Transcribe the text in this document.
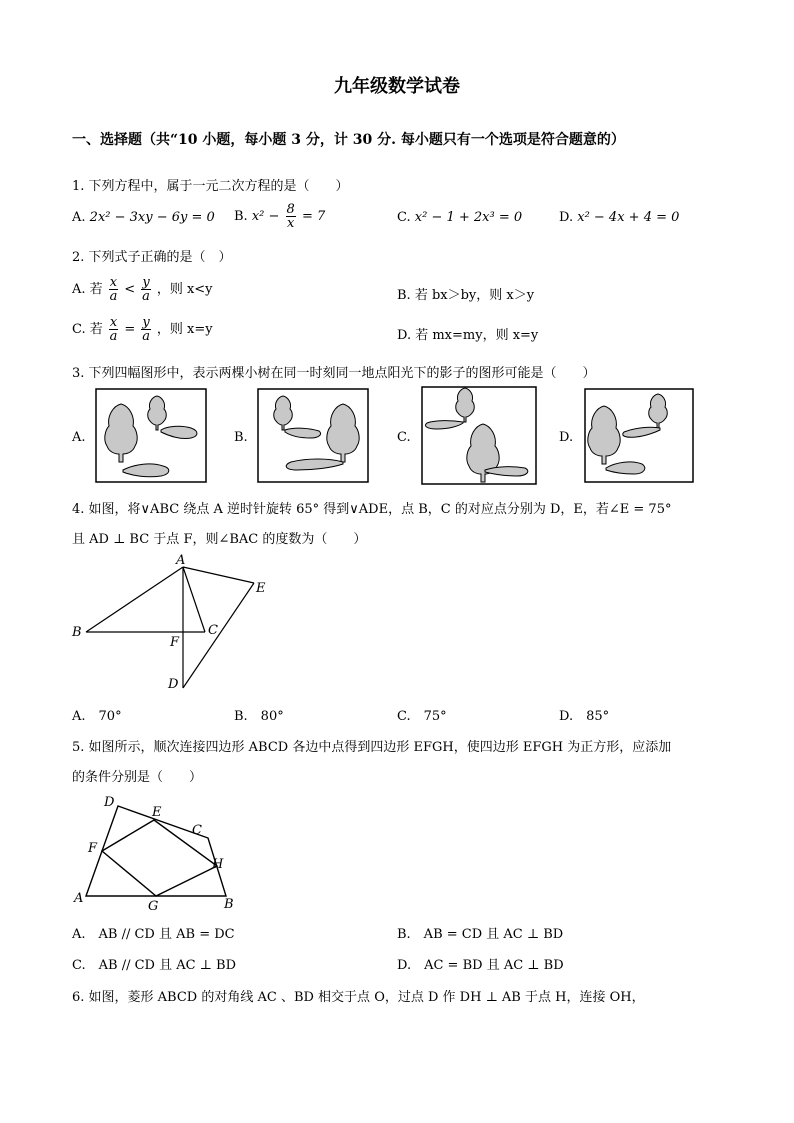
九年级数学试卷
一、选择题（共“10 小题，每小题 3 分，计 30 分. 每小题只有一个选项是符合题意的）
1. 下列方程中，属于一元二次方程的是（　　）
A. 2x² − 3xy − 6y = 0 B. $x^2 - \frac{8}{x} = 7$	C. x² − 1 + 2x³ = 0	D. x² − 4x + 4 = 0
2. 下列式子正确的是（　）
A. 若 $\frac{x}{a} < \frac{y}{a}$ ，则 x<y	B. 若 bx＞by，则 x＞y
C. 若 $\frac{x}{a} = \frac{y}{a}$ ，则 x=y	D. 若 mx=my，则 x=y
3. 下列四幅图形中，表示两棵小树在同一时刻同一地点阳光下的影子的图形可能是（　　）
A.	B.	C.	D.
4. 如图，将∨ABC 绕点 A 逆时针旋转 65° 得到∨ADE，点 B，C 的对应点分别为 D，E，若∠E = 75°
且 AD ⊥ BC 于点 F，则∠BAC 的度数为（　　）
A
B	C
D
E
F
A.　70°	B.　80°	C.　75°	D.　85°
5. 如图所示，顺次连接四边形 ABCD 各边中点得到四边形 EFGH，使四边形 EFGH 为正方形，应添加
的条件分别是（　　）
A	B
C
D
E
F
G
H
A.　AB // CD 且 AB = DC	B.　AB = CD 且 AC ⊥ BD
C.　AB // CD 且 AC ⊥ BD	D.　AC = BD 且 AC ⊥ BD
6. 如图，菱形 ABCD 的对角线 AC 、BD 相交于点 O，过点 D 作 DH ⊥ AB 于点 H，连接 OH，
